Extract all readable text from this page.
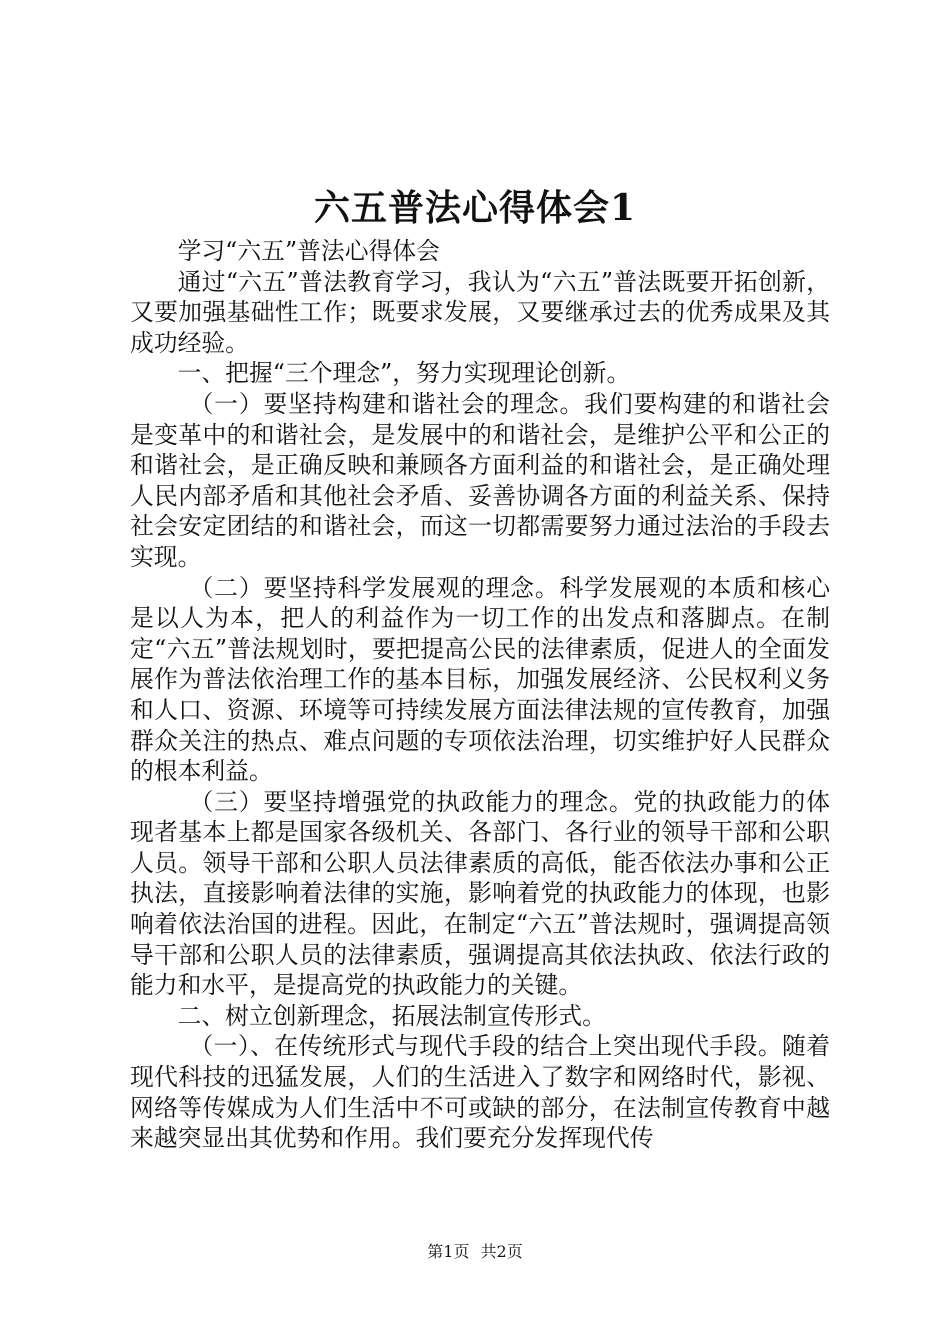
六五普法心得体会1

学习“六五”普法心得体会

通过“六五”普法教育学习，我认为“六五”普法既要开拓创新，又要加强基础性工作；既要求发展，又要继承过去的优秀成果及其成功经验。

一、把握“三个理念”，努力实现理论创新。

（一）要坚持构建和谐社会的理念。我们要构建的和谐社会是变革中的和谐社会，是发展中的和谐社会，是维护公平和公正的和谐社会，是正确反映和兼顾各方面利益的和谐社会，是正确处理人民内部矛盾和其他社会矛盾、妥善协调各方面的利益关系、保持社会安定团结的和谐社会，而这一切都需要努力通过法治的手段去实现。

（二）要坚持科学发展观的理念。科学发展观的本质和核心是以人为本，把人的利益作为一切工作的出发点和落脚点。在制定“六五”普法规划时，要把提高公民的法律素质，促进人的全面发展作为普法依治理工作的基本目标，加强发展经济、公民权利义务和人口、资源、环境等可持续发展方面法律法规的宣传教育，加强群众关注的热点、难点问题的专项依法治理，切实维护好人民群众的根本利益。

（三）要坚持增强党的执政能力的理念。党的执政能力的体现者基本上都是国家各级机关、各部门、各行业的领导干部和公职人员。领导干部和公职人员法律素质的高低，能否依法办事和公正执法，直接影响着法律的实施，影响着党的执政能力的体现，也影响着依法治国的进程。因此，在制定“六五”普法规时，强调提高领导干部和公职人员的法律素质，强调提高其依法执政、依法行政的能力和水平，是提高党的执政能力的关键。

二、树立创新理念，拓展法制宣传形式。

（一）、在传统形式与现代手段的结合上突出现代手段。随着现代科技的迅猛发展，人们的生活进入了数字和网络时代，影视、网络等传媒成为人们生活中不可或缺的部分，在法制宣传教育中越来越突显出其优势和作用。我们要充分发挥现代传

第1页 共2页
